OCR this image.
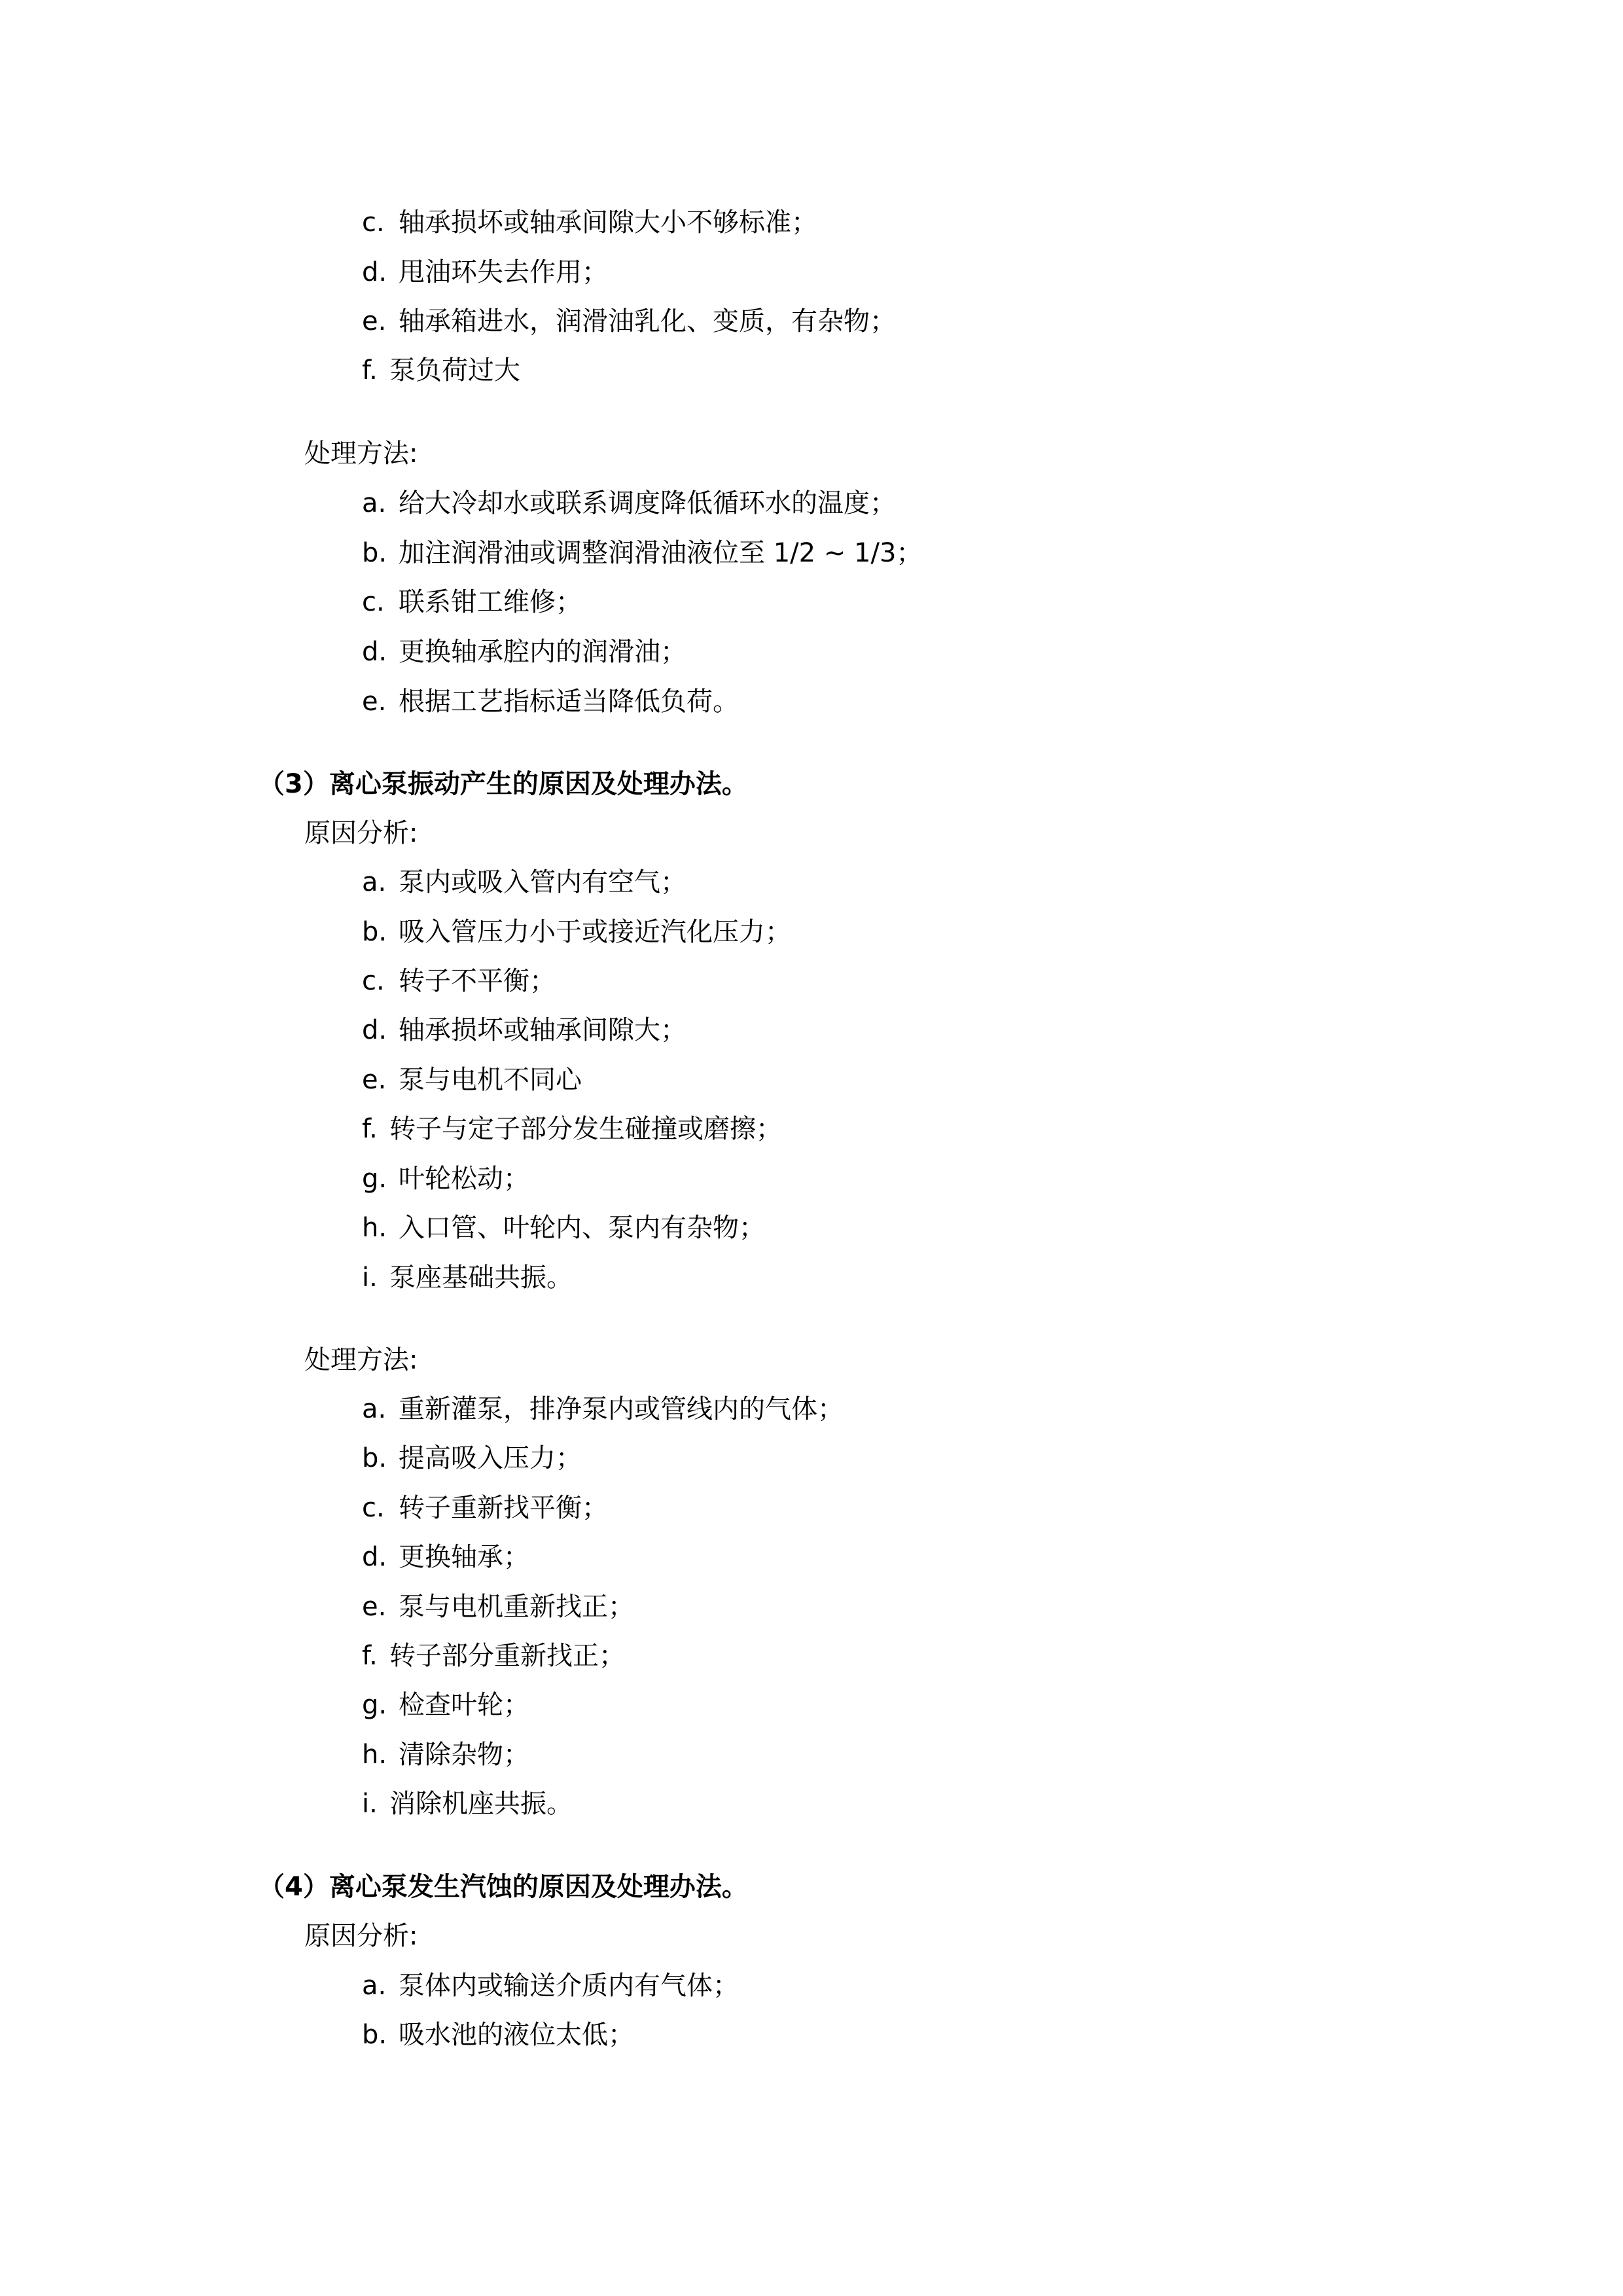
c. 轴承损坏或轴承间隙大小不够标准；
d. 甩油环失去作用；
e. 轴承箱进水，润滑油乳化、变质，有杂物；
f. 泵负荷过大
处理方法:
a. 给大冷却水或联系调度降低循环水的温度；
b. 加注润滑油或调整润滑油液位至 1/2 ~ 1/3；
c. 联系钳工维修；
d. 更换轴承腔内的润滑油；
e. 根据工艺指标适当降低负荷。
（3）离心泵振动产生的原因及处理办法。
原因分析:
a. 泵内或吸入管内有空气；
b. 吸入管压力小于或接近汽化压力；
c. 转子不平衡；
d. 轴承损坏或轴承间隙大；
e. 泵与电机不同心
f. 转子与定子部分发生碰撞或磨擦；
g. 叶轮松动；
h. 入口管、叶轮内、泵内有杂物；
i. 泵座基础共振。
处理方法:
a. 重新灌泵，排净泵内或管线内的气体；
b. 提高吸入压力；
c. 转子重新找平衡；
d. 更换轴承；
e. 泵与电机重新找正；
f. 转子部分重新找正；
g. 检查叶轮；
h. 清除杂物；
i. 消除机座共振。
（4）离心泵发生汽蚀的原因及处理办法。
原因分析:
a. 泵体内或输送介质内有气体；
b. 吸水池的液位太低；
